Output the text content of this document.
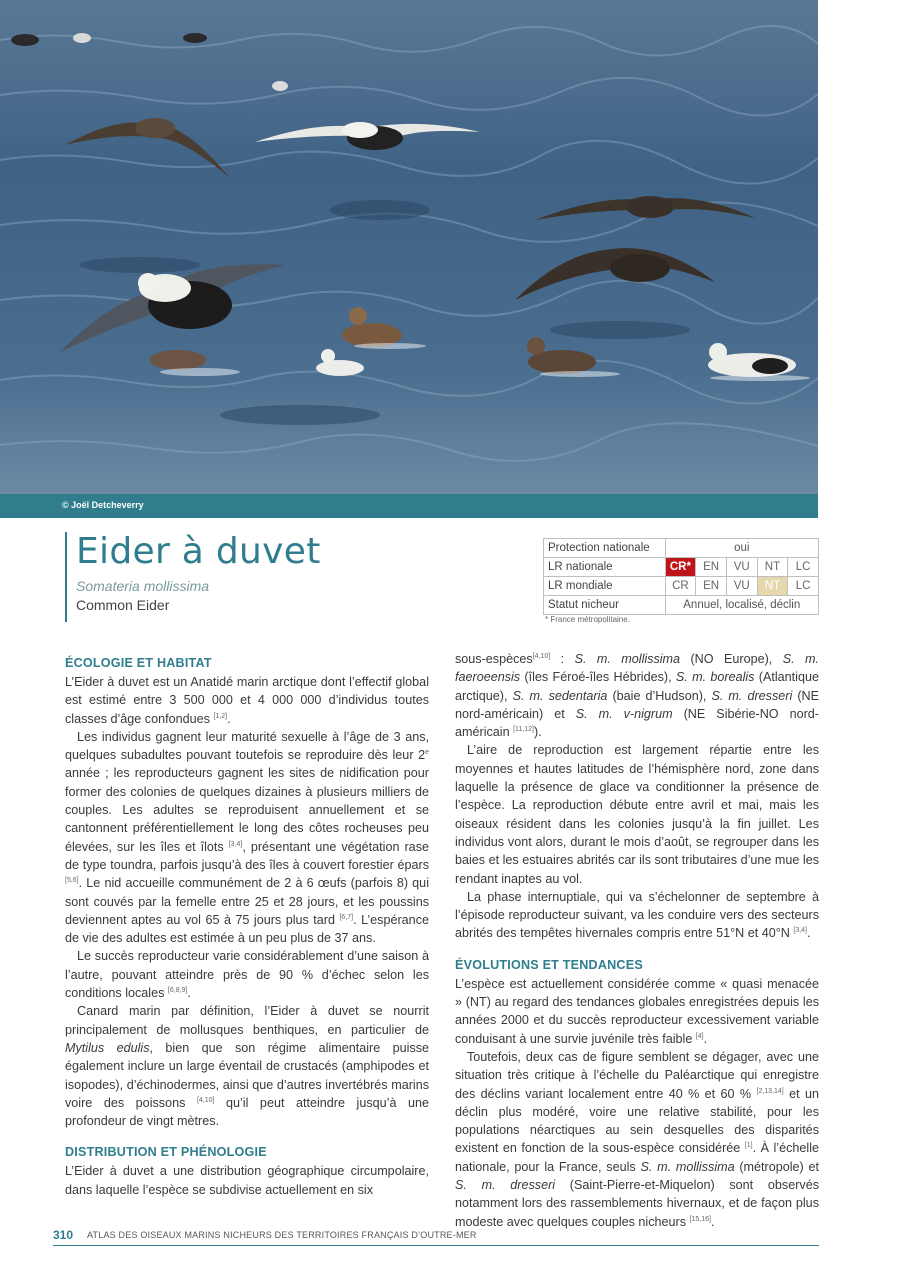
© Joël Detcheverry
Eider à duvet
Somateria mollissima
Common Eider
Protection nationale	oui				
LR nationale	CR*	EN	VU	NT	LC
LR mondiale	CR	EN	VU	NT	LC
Statut nicheur	Annuel, localisé, déclin				
* France métropolitaine.
ÉCOLOGIE ET HABITAT

L’Eider à duvet est un Anatidé marin arctique dont l’effectif global est estimé entre 3 500 000 et 4 000 000 d’individus toutes classes d’âge confondues [1,2].

Les individus gagnent leur maturité sexuelle à l’âge de 3 ans, quelques subadultes pouvant toutefois se reproduire dès leur 2e année ; les reproducteurs gagnent les sites de nidification pour former des colonies de quelques dizaines à plusieurs milliers de couples. Les adultes se reproduisent annuellement et se cantonnent préférentiellement le long des côtes rocheuses peu élevées, sur les îles et îlots [3,4], présentant une végétation rase de type toundra, parfois jusqu’à des îles à couvert forestier épars [5,6]. Le nid accueille communément de 2 à 6 œufs (parfois 8) qui sont couvés par la femelle entre 25 et 28 jours, et les poussins deviennent aptes au vol 65 à 75 jours plus tard [6,7]. L’espérance de vie des adultes est estimée à un peu plus de 37 ans.

Le succès reproducteur varie considérablement d’une saison à l’autre, pouvant atteindre près de 90 % d’échec selon les conditions locales [6,8,9].

Canard marin par définition, l’Eider à duvet se nourrit principalement de mollusques benthiques, en particulier de Mytilus edulis, bien que son régime alimentaire puisse également inclure un large éventail de crustacés (amphipodes et isopodes), d’échinodermes, ainsi que d’autres invertébrés marins voire des poissons [4,10] qu’il peut atteindre jusqu’à une profondeur de vingt mètres.

DISTRIBUTION ET PHÉNOLOGIE

L’Eider à duvet a une distribution géographique circumpolaire, dans laquelle l’espèce se subdivise actuellement en six

sous-espèces[4,10] : S. m. mollissima (NO Europe), S. m. faeroeensis (îles Féroé-îles Hébrides), S. m. borealis (Atlantique arctique), S. m. sedentaria (baie d’Hudson), S. m. dresseri (NE nord-américain) et S. m. v-nigrum (NE Sibérie-NO nord-américain [11,12]).

L’aire de reproduction est largement répartie entre les moyennes et hautes latitudes de l’hémisphère nord, zone dans laquelle la présence de glace va conditionner la présence de l’espèce. La reproduction débute entre avril et mai, mais les oiseaux résident dans les colonies jusqu’à la fin juillet. Les individus vont alors, durant le mois d’août, se regrouper dans les baies et les estuaires abrités car ils sont tributaires d’une mue les rendant inaptes au vol.

La phase internuptiale, qui va s’échelonner de septembre à l’épisode reproducteur suivant, va les conduire vers des secteurs abrités des tempêtes hivernales compris entre 51°N et 40°N [3,4].

ÉVOLUTIONS ET TENDANCES

L’espèce est actuellement considérée comme « quasi menacée » (NT) au regard des tendances globales enregistrées depuis les années 2000 et du succès reproducteur excessivement variable conduisant à une survie juvénile très faible [4].

Toutefois, deux cas de figure semblent se dégager, avec une situation très critique à l’échelle du Paléarctique qui enregistre des déclins variant localement entre 40 % et 60 % [2,13,14] et un déclin plus modéré, voire une relative stabilité, pour les populations néarctiques au sein desquelles des disparités existent en fonction de la sous-espèce considérée [1]. À l’échelle nationale, pour la France, seuls S. m. mollissima (métropole) et S. m. dresseri (Saint-Pierre-et-Miquelon) sont observés notamment lors des rassemblements hivernaux, et de façon plus modeste avec quelques couples nicheurs [15,16].

310 ATLAS DES OISEAUX MARINS NICHEURS DES TERRITOIRES FRANÇAIS D’OUTRE-MER
